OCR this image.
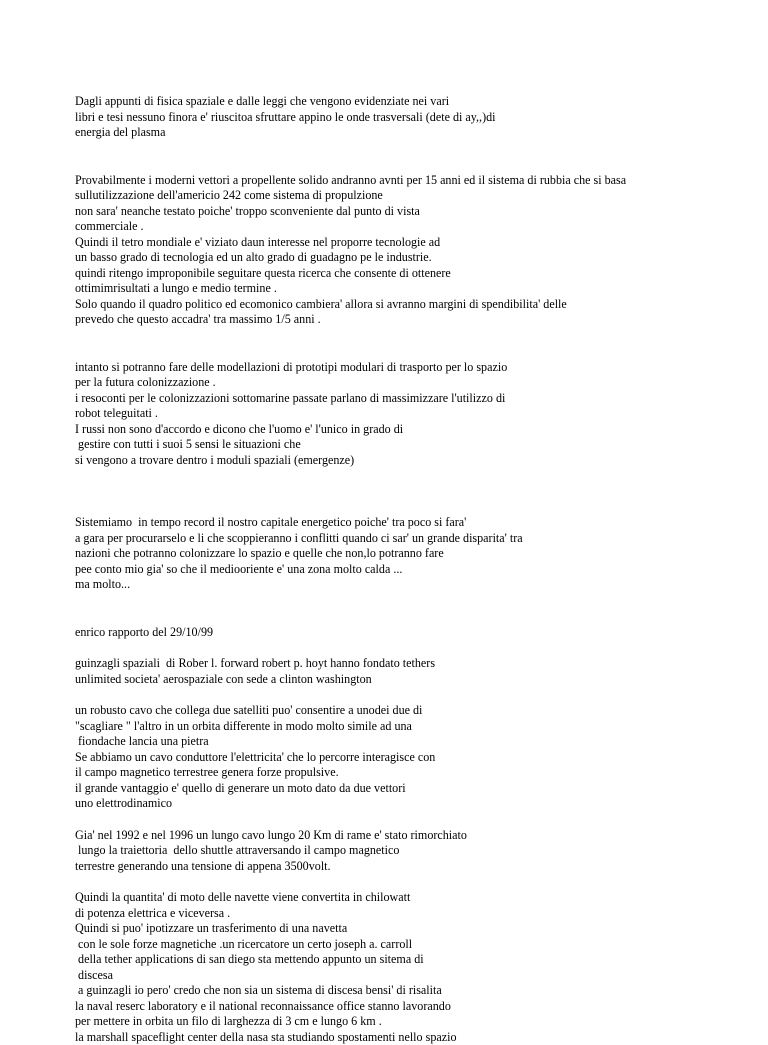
Dagli appunti di fisica spaziale e dalle leggi che vengono evidenziate nei vari
libri e tesi nessuno finora e' riuscitoa sfruttare appino le onde trasversali (dete di ay,,)di
energia del plasma
Provabilmente i moderni vettori a propellente solido andranno avnti per 15 anni ed il sistema di rubbia che si basa
sullutilizzazione dell'americio 242 come sistema di propulzione
non sara' neanche testato poiche' troppo sconveniente dal punto di vista
commerciale .
Quindi il tetro mondiale e' viziato daun interesse nel proporre tecnologie ad
un basso grado di tecnologia ed un alto grado di guadagno pe le industrie.
quindi ritengo improponibile seguitare questa ricerca che consente di ottenere
ottimimrisultati a lungo e medio termine .
Solo quando il quadro politico ed ecomonico cambiera' allora si avranno margini di spendibilita' delle
prevedo che questo accadra' tra massimo 1/5 anni .
intanto si potranno fare delle modellazioni di prototipi modulari di trasporto per lo spazio
per la futura colonizzazione .
i resoconti per le colonizzazioni sottomarine passate parlano di massimizzare l'utilizzo di
robot teleguitati .
I russi non sono d'accordo e dicono che l'uomo e' l'unico in grado di
gestire con tutti i suoi 5 sensi le situazioni che
si vengono a trovare dentro i moduli spaziali (emergenze)
Sistemiamo  in tempo record il nostro capitale energetico poiche' tra poco si fara'
a gara per procurarselo e li che scoppieranno i conflitti quando ci sar' un grande disparita' tra
nazioni che potranno colonizzare lo spazio e quelle che non,lo potranno fare
pee conto mio gia' so che il mediooriente e' una zona molto calda ...
ma molto...
enrico rapporto del 29/10/99
guinzagli spaziali  di Rober l. forward robert p. hoyt hanno fondato tethers
unlimited societa' aerospaziale con sede a clinton washington
un robusto cavo che collega due satelliti puo' consentire a unodei due di
"scagliare " l'altro in un orbita differente in modo molto simile ad una
fiondache lancia una pietra
Se abbiamo un cavo conduttore l'elettricita' che lo percorre interagisce con
il campo magnetico terrestree genera forze propulsive.
il grande vantaggio e' quello di generare un moto dato da due vettori
uno elettrodinamico
Gia' nel 1992 e nel 1996 un lungo cavo lungo 20 Km di rame e' stato rimorchiato
lungo la traiettoria  dello shuttle attraversando il campo magnetico
terrestre generando una tensione di appena 3500volt.
Quindi la quantita' di moto delle navette viene convertita in chilowatt
di potenza elettrica e viceversa .
Quindi si puo' ipotizzare un trasferimento di una navetta
con le sole forze magnetiche .un ricercatore un certo joseph a. carroll
della tether applications di san diego sta mettendo appunto un sitema di
discesa
a guinzagli io pero' credo che non sia un sistema di discesa bensi' di risalita
la naval reserc laboratory e il national reconnaissance office stanno lavorando
per mettere in orbita un filo di larghezza di 3 cm e lungo 6 km .
la marshall spaceflight center della nasa sta studiando spostamenti nello spazio
